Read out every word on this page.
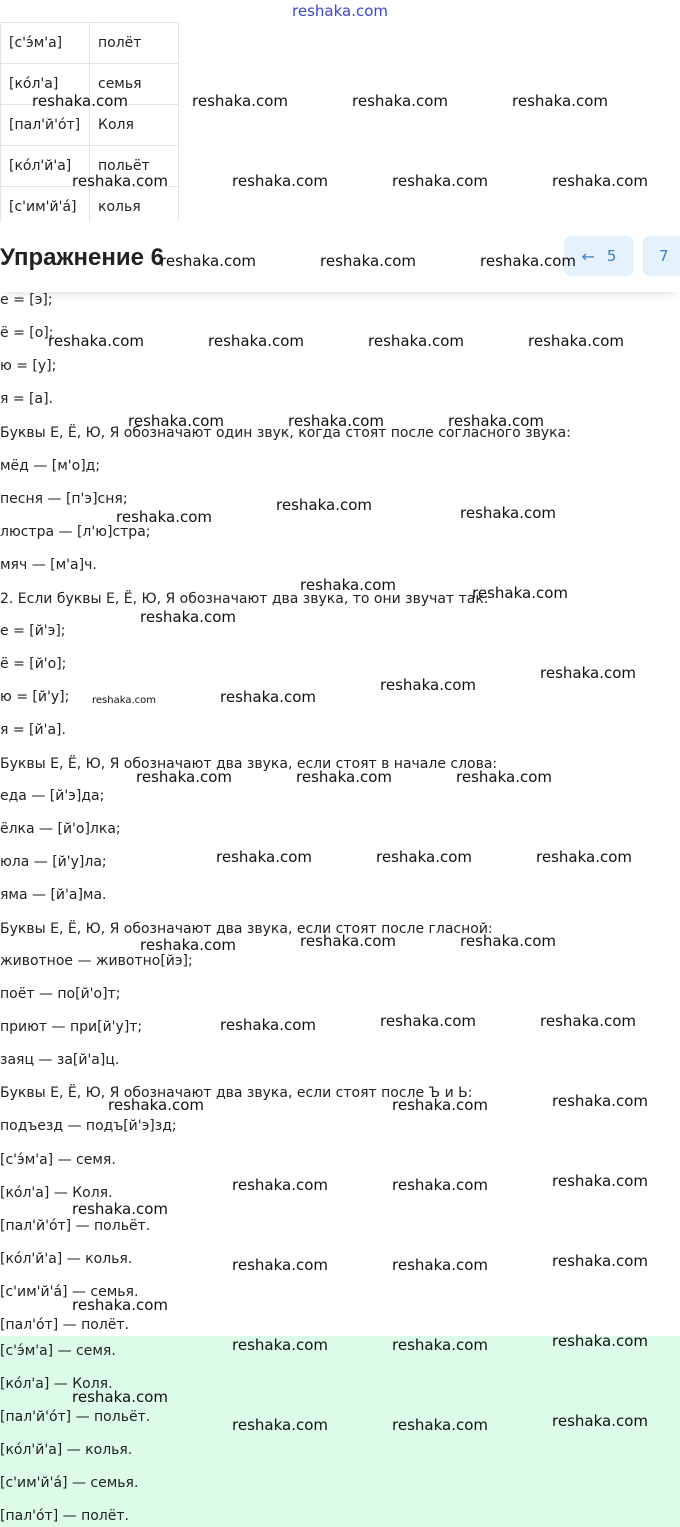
reshaka.com
[с'э́м'а]	полёт
[ко́л'а]	семья
[пал'й'о́т]	Коля
[ко́л'й'а]	польёт
[с'им'й'а́]	колья
е = [э];
ё = [о];
ю = [у];
я = [а].
Буквы Е, Ё, Ю, Я обозначают один звук, когда стоят после согласного звука:
мёд — [м'о]д;
песня — [п'э]сня;
люстра — [л'ю]стра;
мяч — [м'а]ч.
2. Если буквы Е, Ё, Ю, Я обозначают два звука, то они звучат так:
е = [й'э];
ё = [й'о];
ю = [й'у];
я = [й'а].
Буквы Е, Ё, Ю, Я обозначают два звука, если стоят в начале слова:
еда — [й'э]да;
ёлка — [й'о]лка;
юла — [й'у]ла;
яма — [й'а]ма.
Буквы Е, Ё, Ю, Я обозначают два звука, если стоят после гласной:
животное — животно[йэ];
поёт — по[й'о]т;
приют — при[й'у]т;
заяц — за[й'а]ц.
Буквы Е, Ё, Ю, Я обозначают два звука, если стоят после Ъ и Ь:
подъезд — подъ[й'э]зд;
[с'э́м'а] — семя.
[ко́л'а] — Коля.
[пал'й'о́т] — польёт.
[ко́л'й'а] — колья.
[с'им'й'а́] — семья.
[пал'о́т] — полёт.
[с'э́м'а] — семя.
[ко́л'а] — Коля.
[пал'й'о́т] — польёт.
[ко́л'й'а] — колья.
[с'им'й'а́] — семья.
[пал'о́т] — полёт.
Упражнение 6	← 5	7
reshaka.com	reshaka.com	reshaka.com	reshaka.com
reshaka.com	reshaka.com	reshaka.com	reshaka.com
reshaka.com	reshaka.com	reshaka.com
reshaka.com	reshaka.com	reshaka.com	reshaka.com
reshaka.com	reshaka.com	reshaka.com
reshaka.com
reshaka.com	reshaka.com
reshaka.com	reshaka.com
reshaka.com
reshaka.com
reshaka.com
reshaka.com
reshaka.com	reshaka.com	reshaka.com
reshaka.com	reshaka.com	reshaka.com
reshaka.com	reshaka.com	reshaka.com
reshaka.com	reshaka.com	reshaka.com
reshaka.com	reshaka.com	reshaka.com
reshaka.com	reshaka.com	reshaka.com
reshaka.com
reshaka.com	reshaka.com	reshaka.com
reshaka.com
reshaka.com	reshaka.com	reshaka.com
reshaka.com
reshaka.com	reshaka.com	reshaka.com
reshaka.com
